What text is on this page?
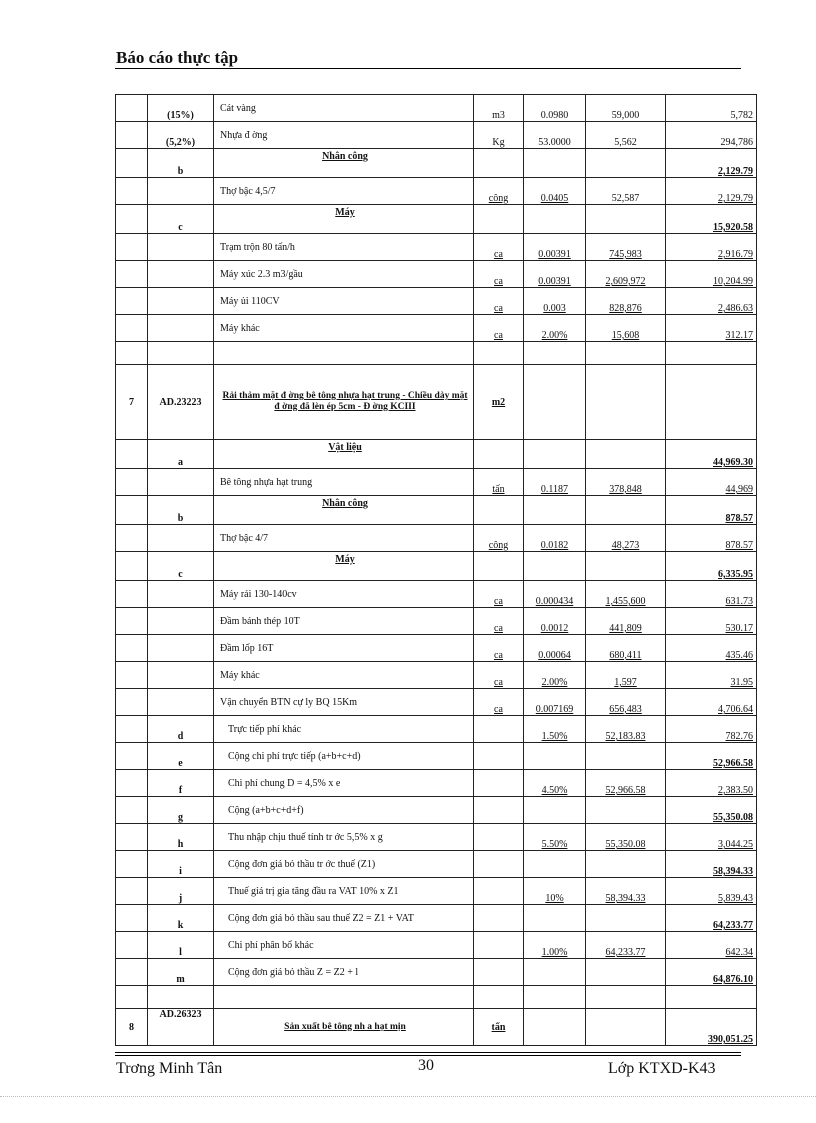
Báo cáo thực tập
	(15%)	Cát vàng	m3	0.0980	59,000	5,782
	(5,2%)	Nhựa đ ờng	Kg	53.0000	5,562	294,786
	b	Nhân công				2,129.79
		Thợ bậc 4,5/7	công	0.0405	52,587	2,129.79
	c	Máy				15,920.58
		Trạm trộn 80 tấn/h	ca	0.00391	745,983	2,916.79
		Máy xúc 2.3 m3/gầu	ca	0.00391	2,609,972	10,204.99
		Máy ủi 110CV	ca	0.003	828,876	2,486.63
		Máy khác	ca	2.00%	15,608	312.17

7	AD.23223	Rải thảm mặt đ ờng bê tông nhựa hạt trung - Chiều dày mặt đ ờng đã lèn ép 5cm - Đ ờng KCIII	m2			
	a	Vật liệu				44,969.30
		Bê tông nhựa hạt trung	tấn	0.1187	378,848	44,969
	b	Nhân công				878.57
		Thợ bậc 4/7	công	0.0182	48,273	878.57
	c	Máy				6,335.95
		Máy rải 130-140cv	ca	0.000434	1,455,600	631.73
		Đầm bánh thép 10T	ca	0.0012	441,809	530.17
		Đầm lốp 16T	ca	0.00064	680,411	435.46
		Máy khác	ca	2.00%	1,597	31.95
		Vận chuyển BTN cự ly BQ 15Km	ca	0.007169	656,483	4,706.64
	d	Trực tiếp phí khác		1.50%	52,183.83	782.76
	e	Cộng chi phí trực tiếp (a+b+c+d)				52,966.58
	f	Chi phí chung D = 4,5% x e		4.50%	52,966.58	2,383.50
	g	Cộng (a+b+c+d+f)				55,350.08
	h	Thu nhập chịu thuế tính tr ớc 5,5% x g		5.50%	55,350.08	3,044.25
	i	Cộng đơn giá bỏ thầu tr ớc thuế (Z1)				58,394.33
	j	Thuế giá trị gia tăng đầu ra VAT 10% x Z1		10%	58,394.33	5,839.43
	k	Cộng đơn giá bỏ thầu sau thuế Z2 = Z1 + VAT				64,233.77
	l	Chi phí phân bổ khác		1.00%	64,233.77	642.34
	m	Cộng đơn giá bỏ thầu Z = Z2 + l				64,876.10

8	AD.26323	Sản xuất bê tông nh a hạt mịn	tấn			390,051.25
Trơng Minh Tân	30	Lớp KTXD-K43
